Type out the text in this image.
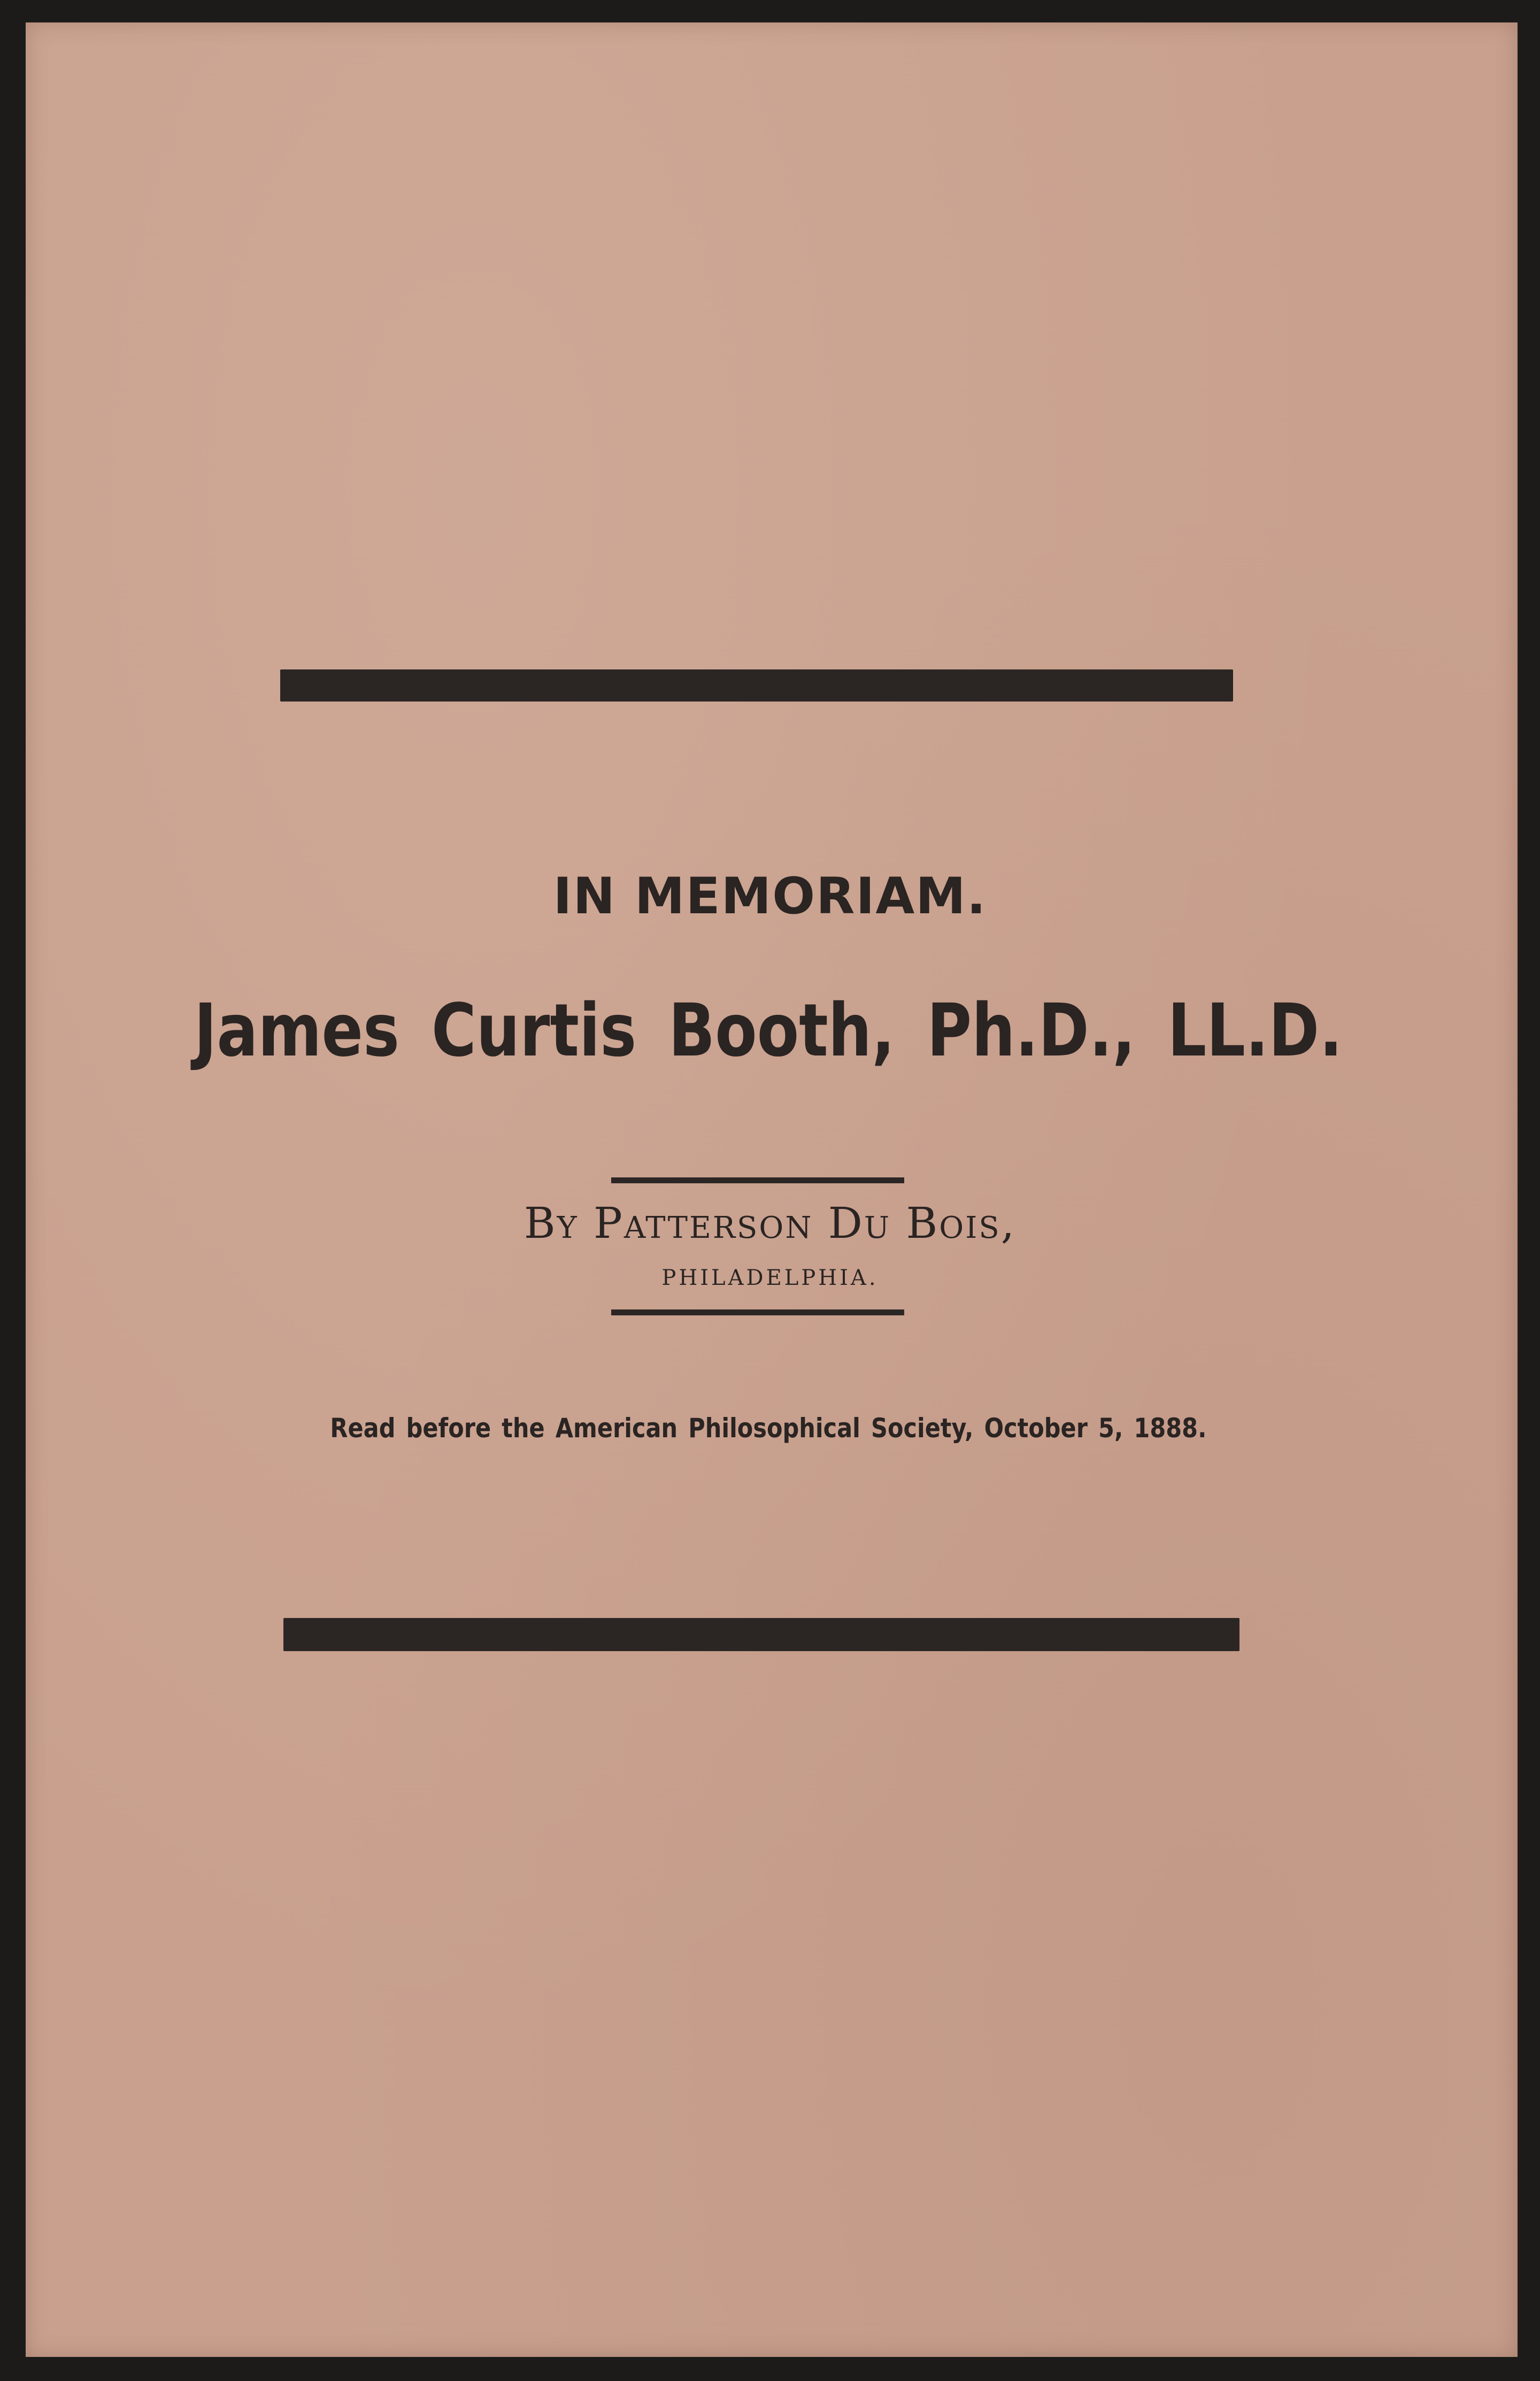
IN MEMORIAM.
James Curtis Booth, Ph.D., LL.D.
By Patterson Du Bois,
PHILADELPHIA.
Read before the American Philosophical Society, October 5, 1888.
